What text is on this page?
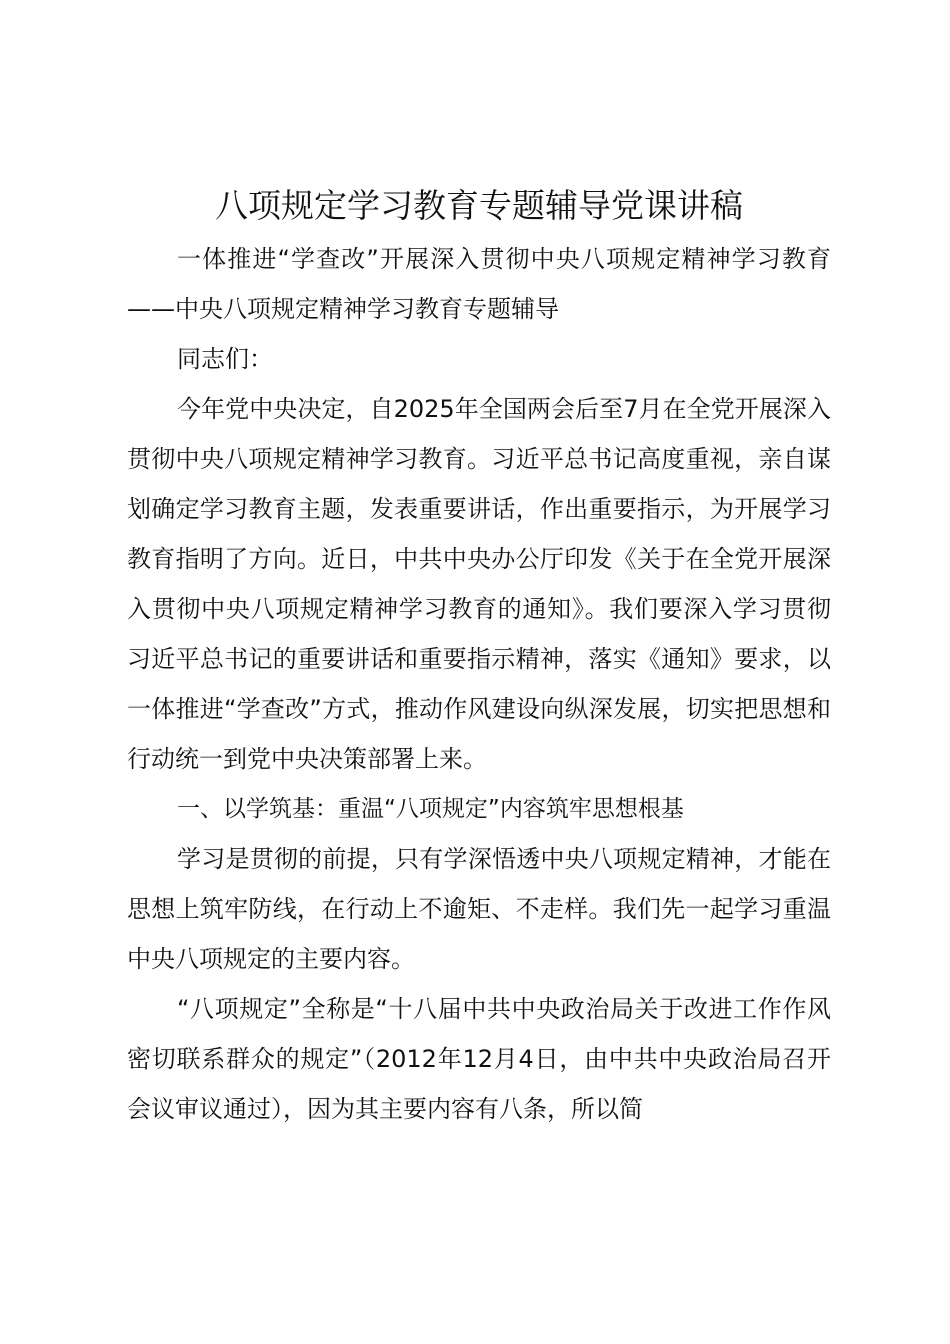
八项规定学习教育专题辅导党课讲稿

一体推进“学查改”开展深入贯彻中央八项规定精神学习教育——中央八项规定精神学习教育专题辅导

同志们：

今年党中央决定，自2025年全国两会后至7月在全党开展深入贯彻中央八项规定精神学习教育。习近平总书记高度重视，亲自谋划确定学习教育主题，发表重要讲话，作出重要指示，为开展学习教育指明了方向。近日，中共中央办公厅印发《关于在全党开展深入贯彻中央八项规定精神学习教育的通知》。我们要深入学习贯彻习近平总书记的重要讲话和重要指示精神，落实《通知》要求，以一体推进“学查改”方式，推动作风建设向纵深发展，切实把思想和行动统一到党中央决策部署上来。

一、以学筑基：重温“八项规定”内容筑牢思想根基

学习是贯彻的前提，只有学深悟透中央八项规定精神，才能在思想上筑牢防线，在行动上不逾矩、不走样。我们先一起学习重温中央八项规定的主要内容。

“八项规定”全称是“十八届中共中央政治局关于改进工作作风密切联系群众的规定”（2012年12月4日，由中共中央政治局召开会议审议通过），因为其主要内容有八条，所以简
